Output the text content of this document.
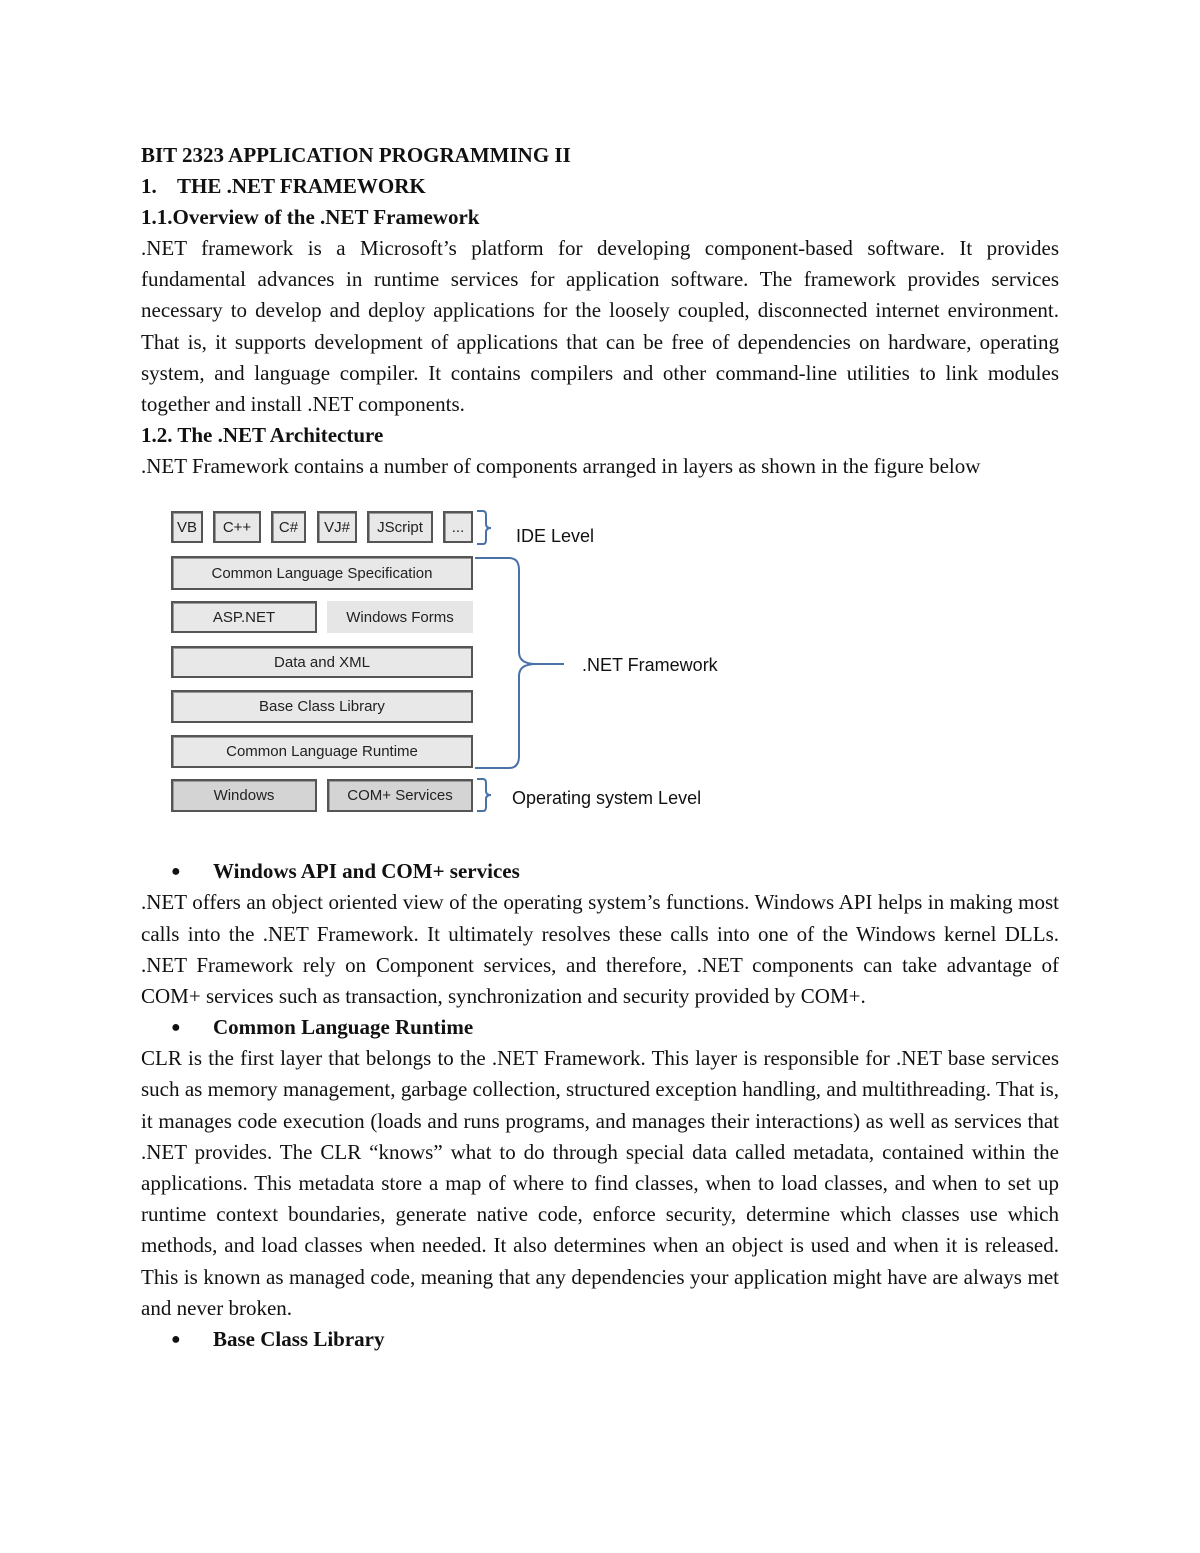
BIT 2323 APPLICATION PROGRAMMING II
1. THE .NET FRAMEWORK
1.1.Overview of the .NET Framework

.NET framework is a Microsoft’s platform for developing component-based software. It provides fundamental advances in runtime services for application software. The framework provides services necessary to develop and deploy applications for the loosely coupled, disconnected internet environment. That is, it supports development of applications that can be free of dependencies on hardware, operating system, and language compiler. It contains compilers and other command-line utilities to link modules together and install .NET components.

1.2. The .NET Architecture

.NET Framework contains a number of components arranged in layers as shown in the figure below

VB	C++	C#	VJ#	JScript	...
Common Language Specification
ASP.NET	Windows Forms
Data and XML
Base Class Library
Common Language Runtime
Windows	COM+ Services
IDE Level
.NET Framework
Operating system Level
●	Windows API and COM+ services

.NET offers an object oriented view of the operating system’s functions. Windows API helps in making most calls into the .NET Framework. It ultimately resolves these calls into one of the Windows kernel DLLs. .NET Framework rely on Component services, and therefore, .NET components can take advantage of COM+ services such as transaction, synchronization and security provided by COM+.

●	Common Language Runtime

CLR is the first layer that belongs to the .NET Framework. This layer is responsible for .NET base services such as memory management, garbage collection, structured exception handling, and multithreading. That is, it manages code execution (loads and runs programs, and manages their interactions) as well as services that .NET provides. The CLR “knows” what to do through special data called metadata, contained within the applications. This metadata store a map of where to find classes, when to load classes, and when to set up runtime context boundaries, generate native code, enforce security, determine which classes use which methods, and load classes when needed. It also determines when an object is used and when it is released. This is known as managed code, meaning that any dependencies your application might have are always met and never broken.

●	Base Class Library
